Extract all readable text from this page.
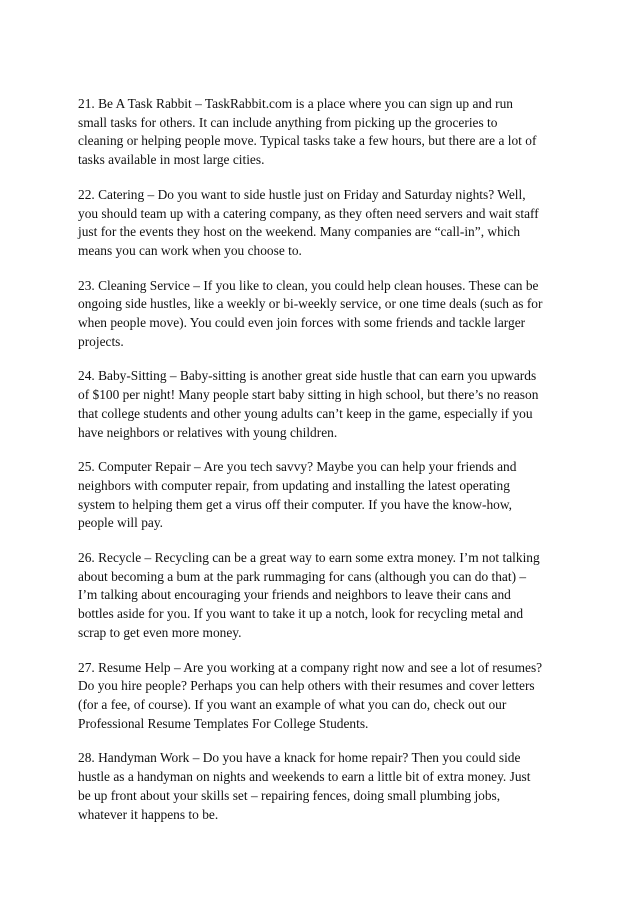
21. Be A Task Rabbit – TaskRabbit.com is a place where you can sign up and run
small tasks for others. It can include anything from picking up the groceries to
cleaning or helping people move. Typical tasks take a few hours, but there are a lot of
tasks available in most large cities.

22. Catering – Do you want to side hustle just on Friday and Saturday nights? Well,
you should team up with a catering company, as they often need servers and wait staff
just for the events they host on the weekend. Many companies are “call-in”, which
means you can work when you choose to.

23. Cleaning Service – If you like to clean, you could help clean houses. These can be
ongoing side hustles, like a weekly or bi-weekly service, or one time deals (such as for
when people move). You could even join forces with some friends and tackle larger
projects.

24. Baby-Sitting – Baby-sitting is another great side hustle that can earn you upwards
of $100 per night! Many people start baby sitting in high school, but there’s no reason
that college students and other young adults can’t keep in the game, especially if you
have neighbors or relatives with young children.

25. Computer Repair – Are you tech savvy? Maybe you can help your friends and
neighbors with computer repair, from updating and installing the latest operating
system to helping them get a virus off their computer. If you have the know-how,
people will pay.

26. Recycle – Recycling can be a great way to earn some extra money. I’m not talking
about becoming a bum at the park rummaging for cans (although you can do that) –
I’m talking about encouraging your friends and neighbors to leave their cans and
bottles aside for you. If you want to take it up a notch, look for recycling metal and
scrap to get even more money.

27. Resume Help – Are you working at a company right now and see a lot of resumes?
Do you hire people? Perhaps you can help others with their resumes and cover letters
(for a fee, of course). If you want an example of what you can do, check out our
Professional Resume Templates For College Students.

28. Handyman Work – Do you have a knack for home repair? Then you could side
hustle as a handyman on nights and weekends to earn a little bit of extra money. Just
be up front about your skills set – repairing fences, doing small plumbing jobs,
whatever it happens to be.
